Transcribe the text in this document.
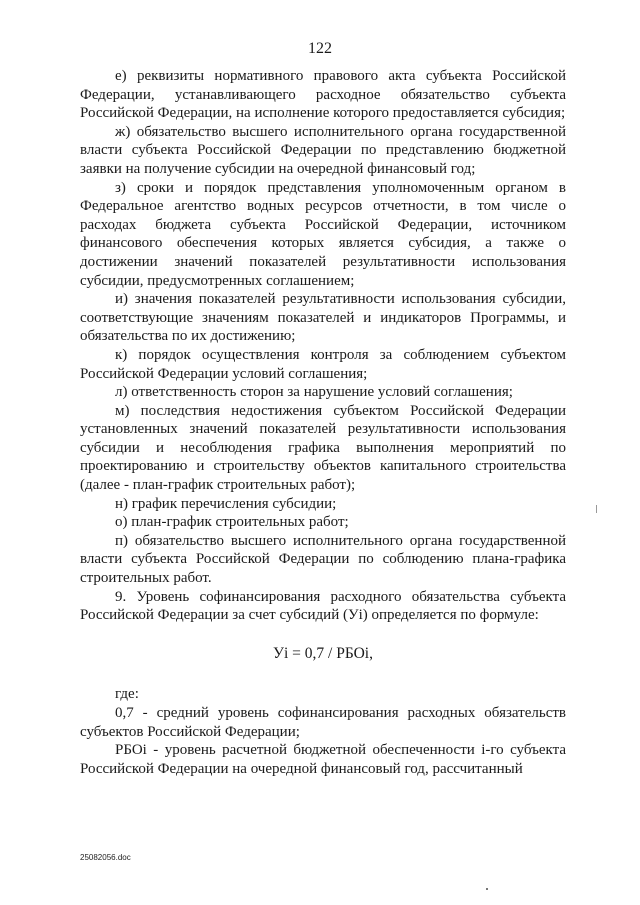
122

е) реквизиты нормативного правового акта субъекта Российской Федерации, устанавливающего расходное обязательство субъекта Российской Федерации, на исполнение которого предоставляется субсидия;

ж) обязательство высшего исполнительного органа государственной власти субъекта Российской Федерации по представлению бюджетной заявки на получение субсидии на очередной финансовый год;

з) сроки и порядок представления уполномоченным органом в Федеральное агентство водных ресурсов отчетности, в том числе о расходах бюджета субъекта Российской Федерации, источником финансового обеспечения которых является субсидия, а также о достижении значений показателей результативности использования субсидии, предусмотренных соглашением;

и) значения показателей результативности использования субсидии, соответствующие значениям показателей и индикаторов Программы, и обязательства по их достижению;

к) порядок осуществления контроля за соблюдением субъектом Российской Федерации условий соглашения;

л) ответственность сторон за нарушение условий соглашения;

м) последствия недостижения субъектом Российской Федерации установленных значений показателей результативности использования субсидии и несоблюдения графика выполнения мероприятий по проектированию и строительству объектов капитального строительства (далее - план-график строительных работ);

н) график перечисления субсидии;

о) план-график строительных работ;

п) обязательство высшего исполнительного органа государственной власти субъекта Российской Федерации по соблюдению плана-графика строительных работ.

9. Уровень софинансирования расходного обязательства субъекта Российской Федерации за счет субсидий (Уi) определяется по формуле:

Уi = 0,7 / РБОi,

где:

0,7 - средний уровень софинансирования расходных обязательств субъектов Российской Федерации;

РБОi - уровень расчетной бюджетной обеспеченности i-го субъекта Российской Федерации на очередной финансовый год, рассчитанный

25082056.doc
